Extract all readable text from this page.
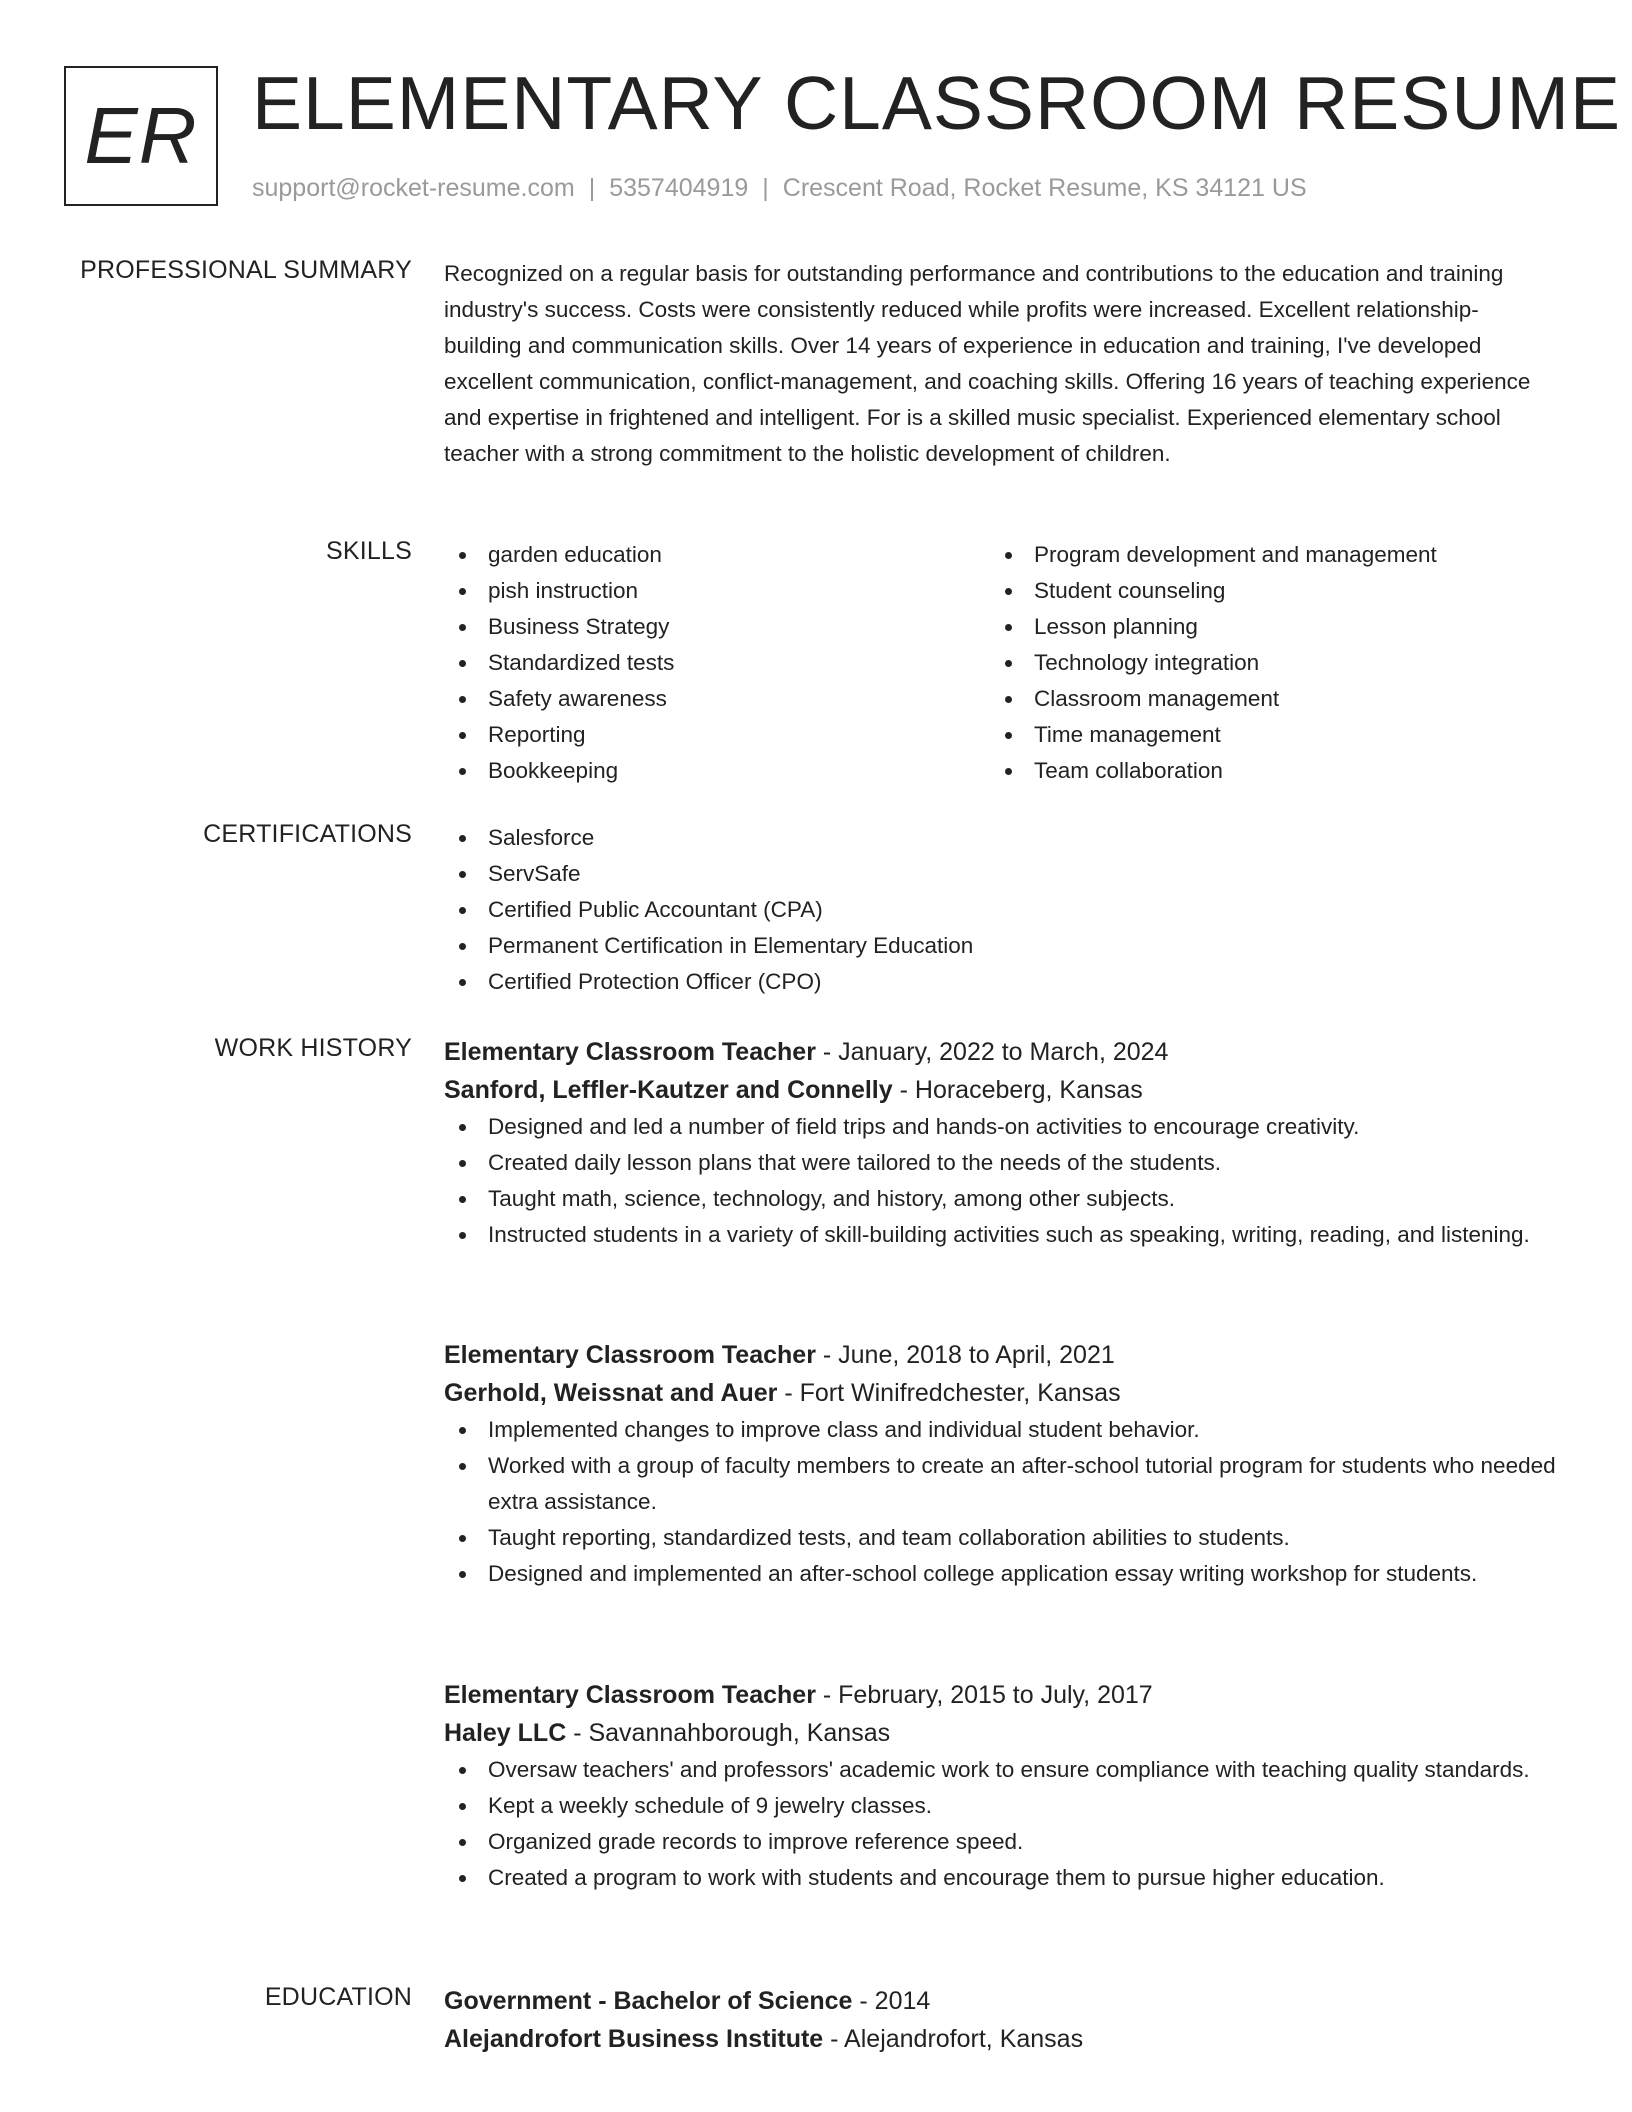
ER ELEMENTARY CLASSROOM RESUME
support@rocket-resume.com | 5357404919 | Crescent Road, Rocket Resume, KS 34121 US
PROFESSIONAL SUMMARY Recognized on a regular basis for outstanding performance and contributions to the education and training industry's success. Costs were consistently reduced while profits were increased. Excellent relationship-building and communication skills. Over 14 years of experience in education and training, I've developed excellent communication, conflict-management, and coaching skills. Offering 16 years of teaching experience and expertise in frightened and intelligent. For is a skilled music specialist. Experienced elementary school teacher with a strong commitment to the holistic development of children.

SKILLS	garden education
pish instruction
Business Strategy
Standardized tests
Safety awareness
Reporting
Bookkeeping
Program development and management
Student counseling
Lesson planning
Technology integration
Classroom management
Time management
Team collaboration
CERTIFICATIONS	Salesforce
ServSafe
Certified Public Accountant (CPA)
Permanent Certification in Elementary Education
Certified Protection Officer (CPO)
WORK HISTORY Elementary Classroom Teacher - January, 2022 to March, 2024
Sanford, Leffler-Kautzer and Connelly - Horaceberg, Kansas
Designed and led a number of field trips and hands-on activities to encourage creativity.
Created daily lesson plans that were tailored to the needs of the students.
Taught math, science, technology, and history, among other subjects.
Instructed students in a variety of skill-building activities such as speaking, writing, reading, and listening.
Elementary Classroom Teacher - June, 2018 to April, 2021
Gerhold, Weissnat and Auer - Fort Winifredchester, Kansas
Implemented changes to improve class and individual student behavior.
Worked with a group of faculty members to create an after-school tutorial program for students who needed extra assistance.
Taught reporting, standardized tests, and team collaboration abilities to students.
Designed and implemented an after-school college application essay writing workshop for students.
Elementary Classroom Teacher - February, 2015 to July, 2017
Haley LLC - Savannahborough, Kansas
Oversaw teachers' and professors' academic work to ensure compliance with teaching quality standards.
Kept a weekly schedule of 9 jewelry classes.
Organized grade records to improve reference speed.
Created a program to work with students and encourage them to pursue higher education.
EDUCATION Government - Bachelor of Science - 2014
Alejandrofort Business Institute - Alejandrofort, Kansas
